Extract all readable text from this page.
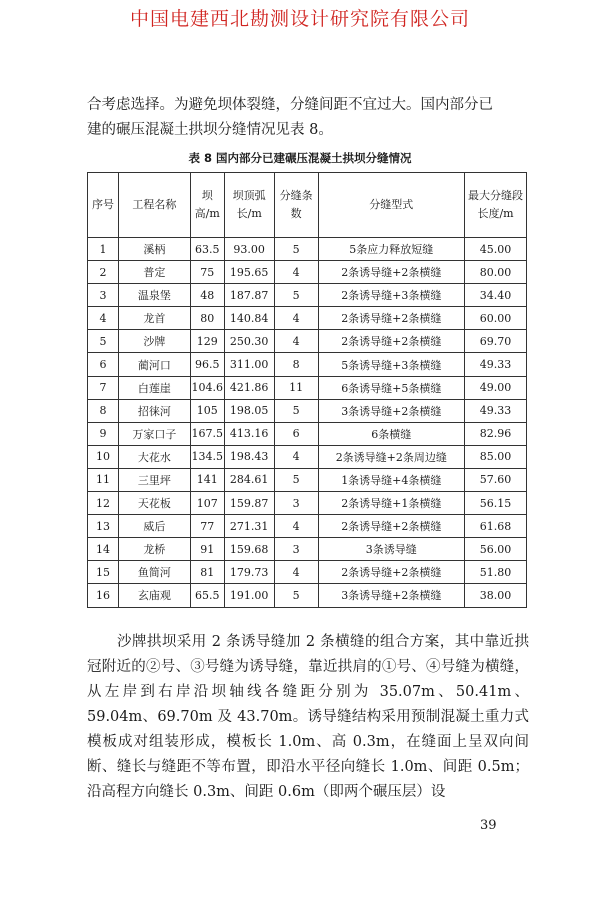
中国电建西北勘测设计研究院有限公司
合考虑选择。为避免坝体裂缝，分缝间距不宜过大。国内部分已
建的碾压混凝土拱坝分缝情况见表 8。
表 8 国内部分已建碾压混凝土拱坝分缝情况
序号	工程名称	坝高/m	坝顶弧长/m	分缝条数	分缝型式	最大分缝段长度/m
1	溪柄	63.5	93.00	5	5条应力释放短缝	45.00
2	普定	75	195.65	4	2条诱导缝+2条横缝	80.00
3	温泉堡	48	187.87	5	2条诱导缝+3条横缝	34.40
4	龙首	80	140.84	4	2条诱导缝+2条横缝	60.00
5	沙牌	129	250.30	4	2条诱导缝+2条横缝	69.70
6	蔺河口	96.5	311.00	8	5条诱导缝+3条横缝	49.33
7	白莲崖	104.6	421.86	11	6条诱导缝+5条横缝	49.00
8	招徕河	105	198.05	5	3条诱导缝+2条横缝	49.33
9	万家口子	167.5	413.16	6	6条横缝	82.96
10	大花水	134.5	198.43	4	2条诱导缝+2条周边缝	85.00
11	三里坪	141	284.61	5	1条诱导缝+4条横缝	57.60
12	天花板	107	159.87	3	2条诱导缝+1条横缝	56.15
13	威后	77	271.31	4	2条诱导缝+2条横缝	61.68
14	龙桥	91	159.68	3	3条诱导缝	56.00
15	鱼简河	81	179.73	4	2条诱导缝+2条横缝	51.80
16	玄庙观	65.5	191.00	5	3条诱导缝+2条横缝	38.00
沙牌拱坝采用 2 条诱导缝加 2 条横缝的组合方案，其中靠近拱冠附近的②号、③号缝为诱导缝，靠近拱肩的①号、④号缝为横缝，从左岸到右岸沿坝轴线各缝距分别为 35.07m、50.41m、59.04m、69.70m 及 43.70m。诱导缝结构采用预制混凝土重力式模板成对组装形成，模板长 1.0m、高 0.3m，在缝面上呈双向间断、缝长与缝距不等布置，即沿水平径向缝长 1.0m、间距 0.5m；沿高程方向缝长 0.3m、间距 0.6m（即两个碾压层）设
39
